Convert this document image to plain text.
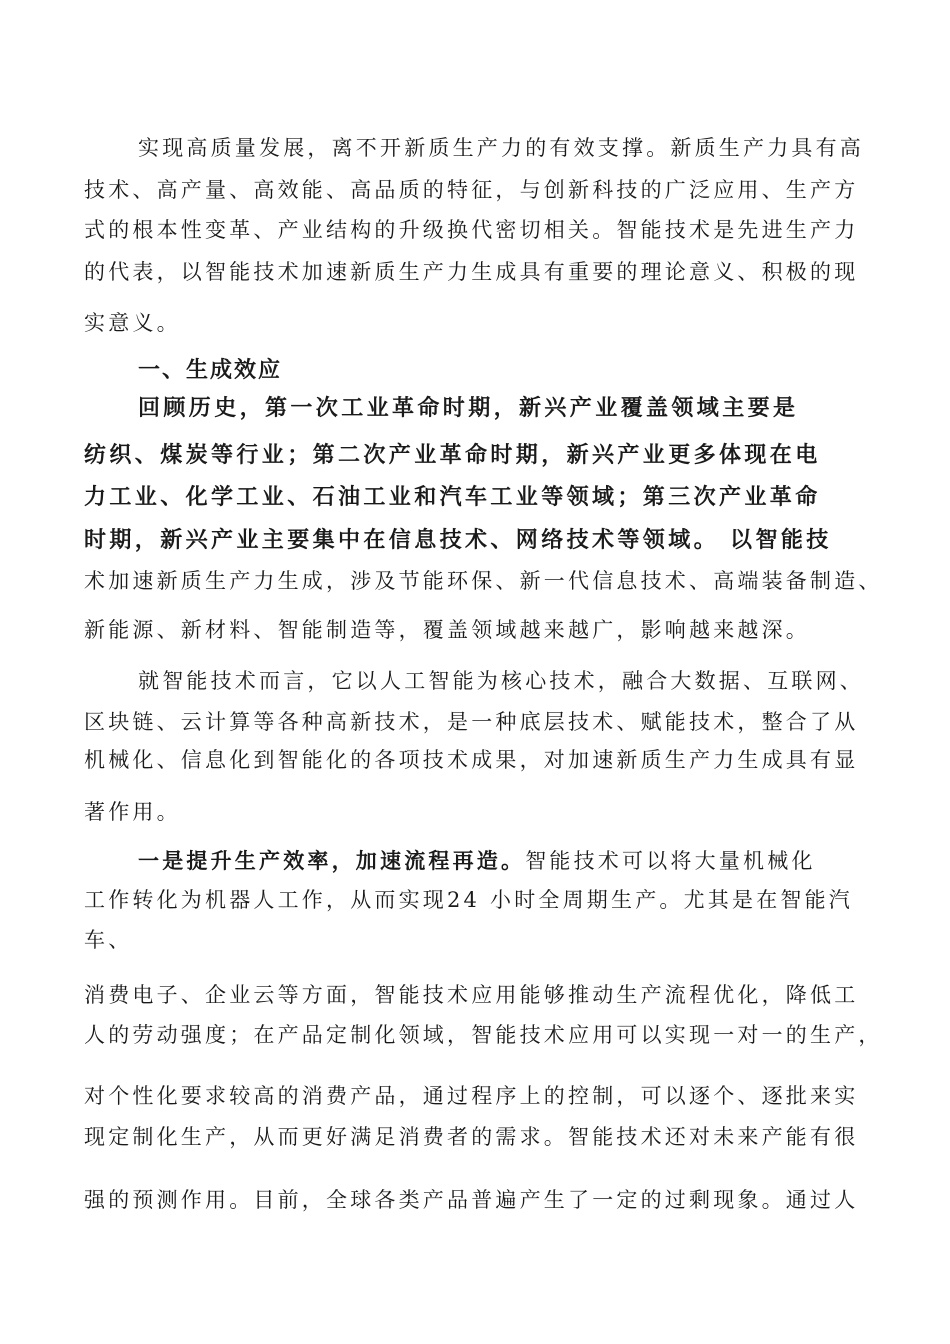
实现高质量发展，离不开新质生产力的有效支撑。新质生产力具有高
技术、高产量、高效能、高品质的特征，与创新科技的广泛应用、生产方
式的根本性变革、产业结构的升级换代密切相关。智能技术是先进生产力
的代表，以智能技术加速新质生产力生成具有重要的理论意义、积极的现
实意义。
一、生成效应
回顾历史，第一次工业革命时期，新兴产业覆盖领域主要是
纺织、煤炭等行业；第二次产业革命时期，新兴产业更多体现在电
力工业、化学工业、石油工业和汽车工业等领域；第三次产业革命
时期，新兴产业主要集中在信息技术、网络技术等领域。 以智能技
术加速新质生产力生成，涉及节能环保、新一代信息技术、高端装备制造、
新能源、新材料、智能制造等，覆盖领域越来越广，影响越来越深。
就智能技术而言，它以人工智能为核心技术，融合大数据、互联网、
区块链、云计算等各种高新技术，是一种底层技术、赋能技术，整合了从
机械化、信息化到智能化的各项技术成果，对加速新质生产力生成具有显
著作用。
一是提升生产效率，加速流程再造。智能技术可以将大量机械化
工作转化为机器人工作，从而实现24 小时全周期生产。尤其是在智能汽
车、
消费电子、企业云等方面，智能技术应用能够推动生产流程优化，降低工
人的劳动强度；在产品定制化领域，智能技术应用可以实现一对一的生产，
对个性化要求较高的消费产品，通过程序上的控制，可以逐个、逐批来实
现定制化生产，从而更好满足消费者的需求。智能技术还对未来产能有很
强的预测作用。目前，全球各类产品普遍产生了一定的过剩现象。通过人
